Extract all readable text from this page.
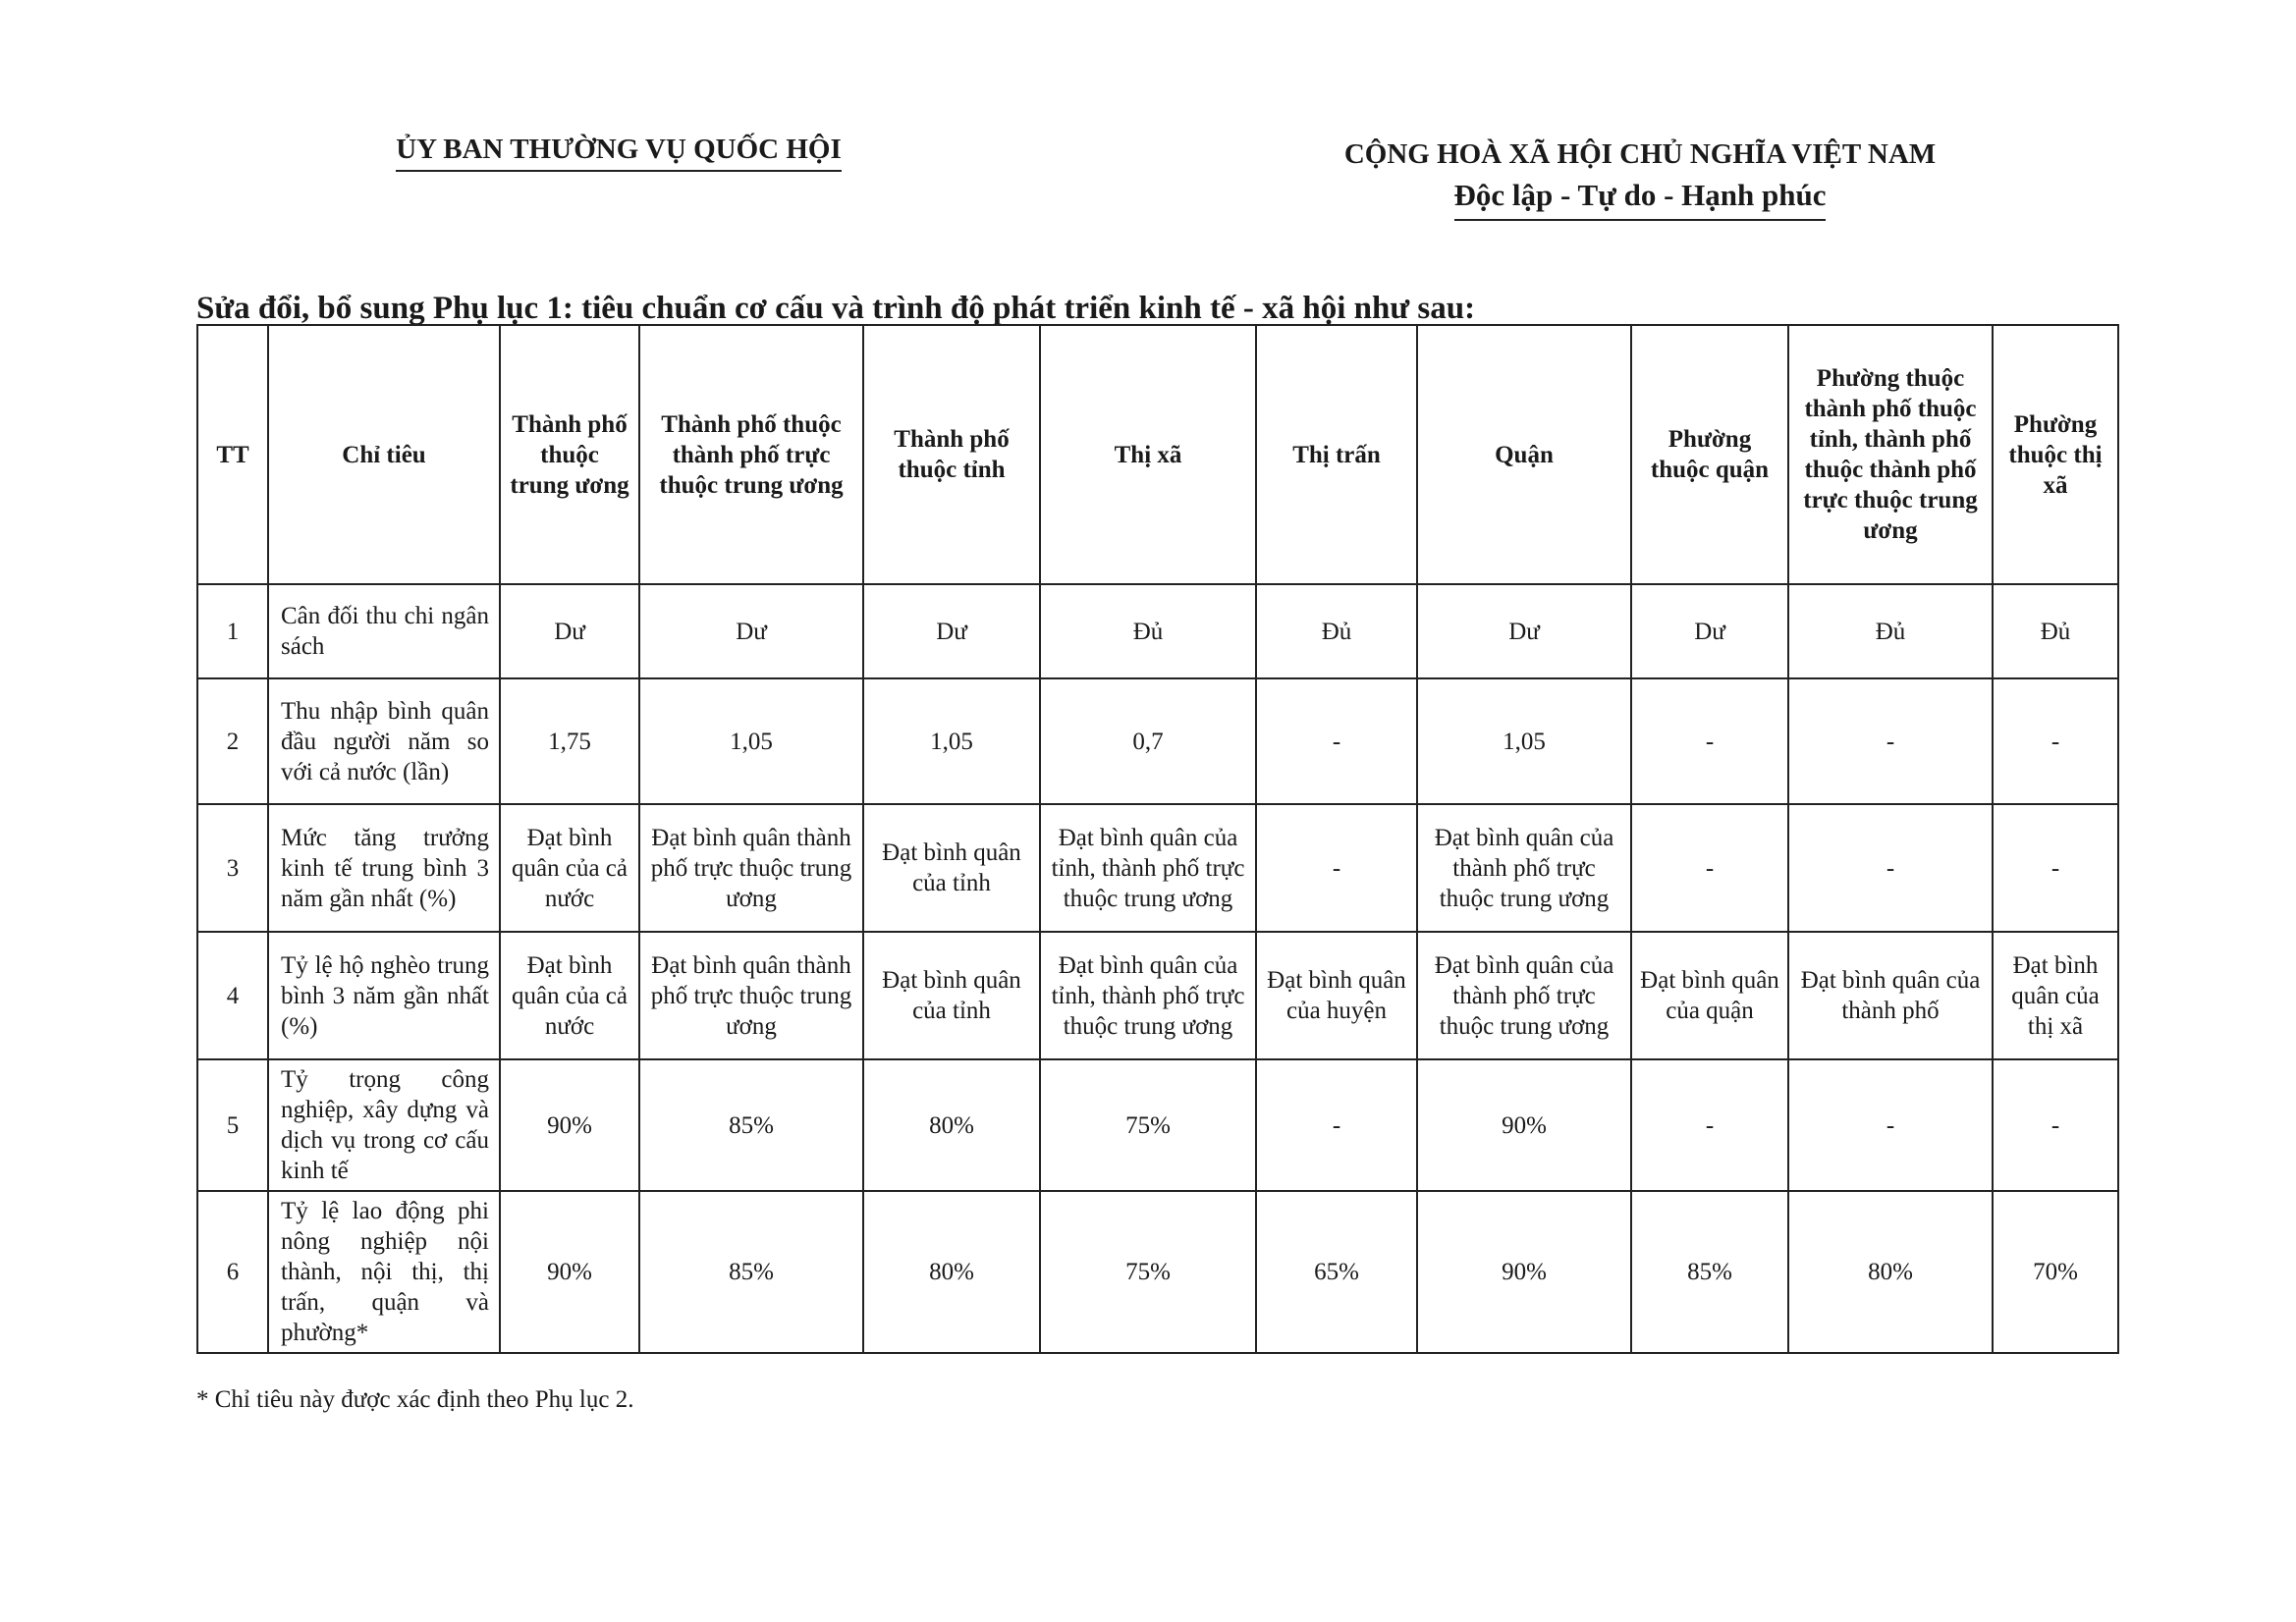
ỦY BAN THƯỜNG VỤ QUỐC HỘI	CỘNG HOÀ XÃ HỘI CHỦ NGHĨA VIỆT NAM
Độc lập - Tự do - Hạnh phúc
Sửa đổi, bổ sung Phụ lục 1: tiêu chuẩn cơ cấu và trình độ phát triển kinh tế - xã hội như sau:
TT	Chỉ tiêu	Thành phố thuộc trung ương	Thành phố thuộc thành phố trực thuộc trung ương	Thành phố thuộc tỉnh	Thị xã	Thị trấn	Quận	Phường thuộc quận	Phường thuộc thành phố thuộc tỉnh, thành phố thuộc thành phố trực thuộc trung ương	Phường thuộc thị xã
1	Cân đối thu chi ngân sách	Dư	Dư	Dư	Đủ	Đủ	Dư	Dư	Đủ	Đủ
2	Thu nhập bình quân đầu người năm so với cả nước (lần)	1,75	1,05	1,05	0,7	-	1,05	-	-	-
3	Mức tăng trưởng kinh tế trung bình 3 năm gần nhất (%)	Đạt bình quân của cả nước	Đạt bình quân thành phố trực thuộc trung ương	Đạt bình quân của tỉnh	Đạt bình quân của tỉnh, thành phố trực thuộc trung ương	-	Đạt bình quân của thành phố trực thuộc trung ương	-	-	-
4	Tỷ lệ hộ nghèo trung bình 3 năm gần nhất (%)	Đạt bình quân của cả nước	Đạt bình quân thành phố trực thuộc trung ương	Đạt bình quân của tỉnh	Đạt bình quân của tỉnh, thành phố trực thuộc trung ương	Đạt bình quân của huyện	Đạt bình quân của thành phố trực thuộc trung ương	Đạt bình quân của quận	Đạt bình quân của thành phố	Đạt bình quân của thị xã
5	Tỷ trọng công nghiệp, xây dựng và dịch vụ trong cơ cấu kinh tế	90%	85%	80%	75%	-	90%	-	-	-
6	Tỷ lệ lao động phi nông nghiệp nội thành, nội thị, thị trấn, quận và phường*	90%	85%	80%	75%	65%	90%	85%	80%	70%
* Chỉ tiêu này được xác định theo Phụ lục 2.
